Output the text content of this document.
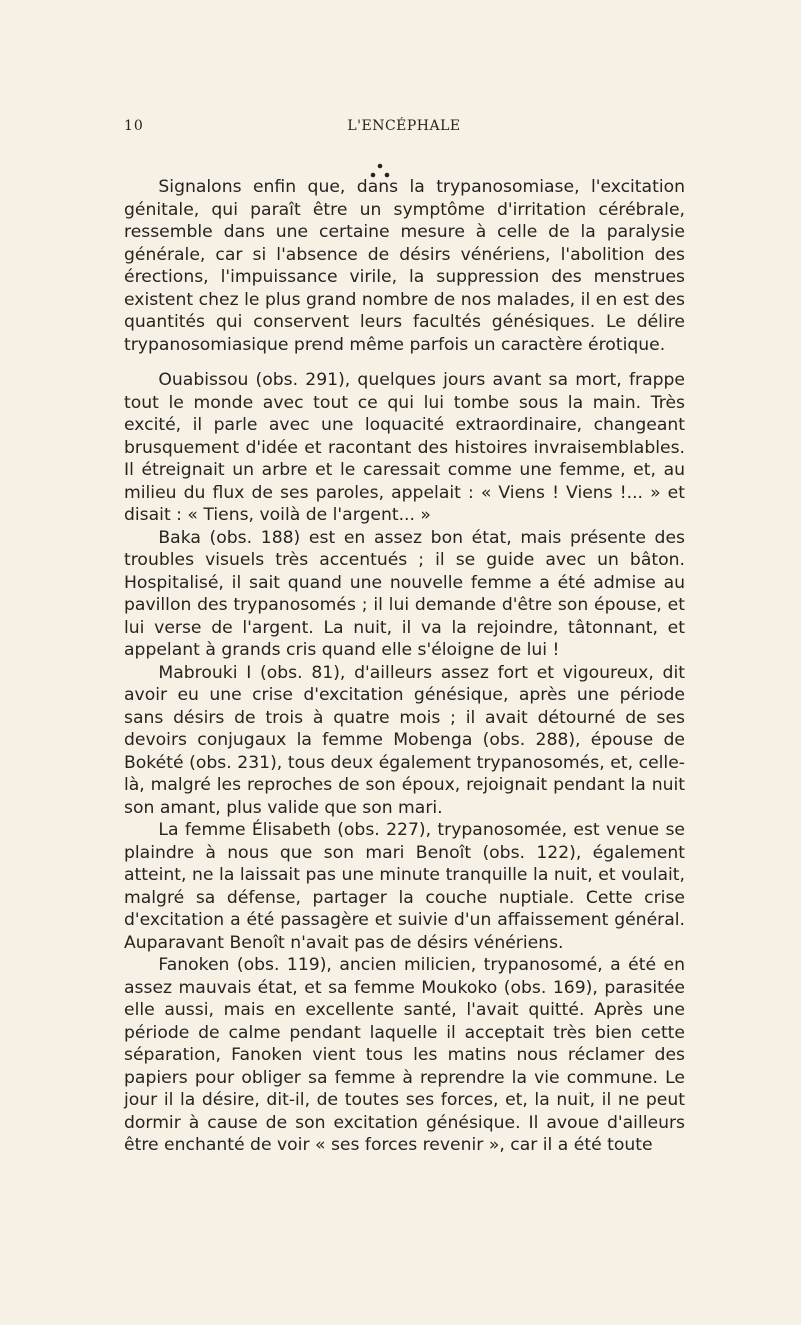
10	L'ENCÉPHALE

Signalons enfin que, dans la trypanosomiase, l'excitation génitale, qui paraît être un symptôme d'irritation cérébrale, ressemble dans une certaine mesure à celle de la paralysie générale, car si l'absence de désirs vénériens, l'abolition des érections, l'impuissance virile, la suppression des menstrues existent chez le plus grand nombre de nos malades, il en est des quantités qui conservent leurs facultés génésiques. Le délire trypanosomiasique prend même parfois un caractère érotique.

Ouabissou (obs. 291), quelques jours avant sa mort, frappe tout le monde avec tout ce qui lui tombe sous la main. Très excité, il parle avec une loquacité extraordinaire, changeant brusquement d'idée et racontant des histoires invraisemblables. Il étreignait un arbre et le caressait comme une femme, et, au milieu du flux de ses paroles, appelait : « Viens ! Viens !... » et disait : « Tiens, voilà de l'argent... »

Baka (obs. 188) est en assez bon état, mais présente des troubles visuels très accentués ; il se guide avec un bâton. Hospitalisé, il sait quand une nouvelle femme a été admise au pavillon des trypanosomés ; il lui demande d'être son épouse, et lui verse de l'argent. La nuit, il va la rejoindre, tâtonnant, et appelant à grands cris quand elle s'éloigne de lui !

Mabrouki I (obs. 81), d'ailleurs assez fort et vigoureux, dit avoir eu une crise d'excitation génésique, après une période sans désirs de trois à quatre mois ; il avait détourné de ses devoirs conjugaux la femme Mobenga (obs. 288), épouse de Bokété (obs. 231), tous deux également trypanosomés, et, celle-là, malgré les reproches de son époux, rejoignait pendant la nuit son amant, plus valide que son mari.

La femme Élisabeth (obs. 227), trypanosomée, est venue se plaindre à nous que son mari Benoît (obs. 122), également atteint, ne la laissait pas une minute tranquille la nuit, et voulait, malgré sa défense, partager la couche nuptiale. Cette crise d'excitation a été passagère et suivie d'un affaissement général. Auparavant Benoît n'avait pas de désirs vénériens.

Fanoken (obs. 119), ancien milicien, trypanosomé, a été en assez mauvais état, et sa femme Moukoko (obs. 169), parasitée elle aussi, mais en excellente santé, l'avait quitté. Après une période de calme pendant laquelle il acceptait très bien cette séparation, Fanoken vient tous les matins nous réclamer des papiers pour obliger sa femme à reprendre la vie commune. Le jour il la désire, dit-il, de toutes ses forces, et, la nuit, il ne peut dormir à cause de son excitation génésique. Il avoue d'ailleurs être enchanté de voir « ses forces revenir », car il a été toute
